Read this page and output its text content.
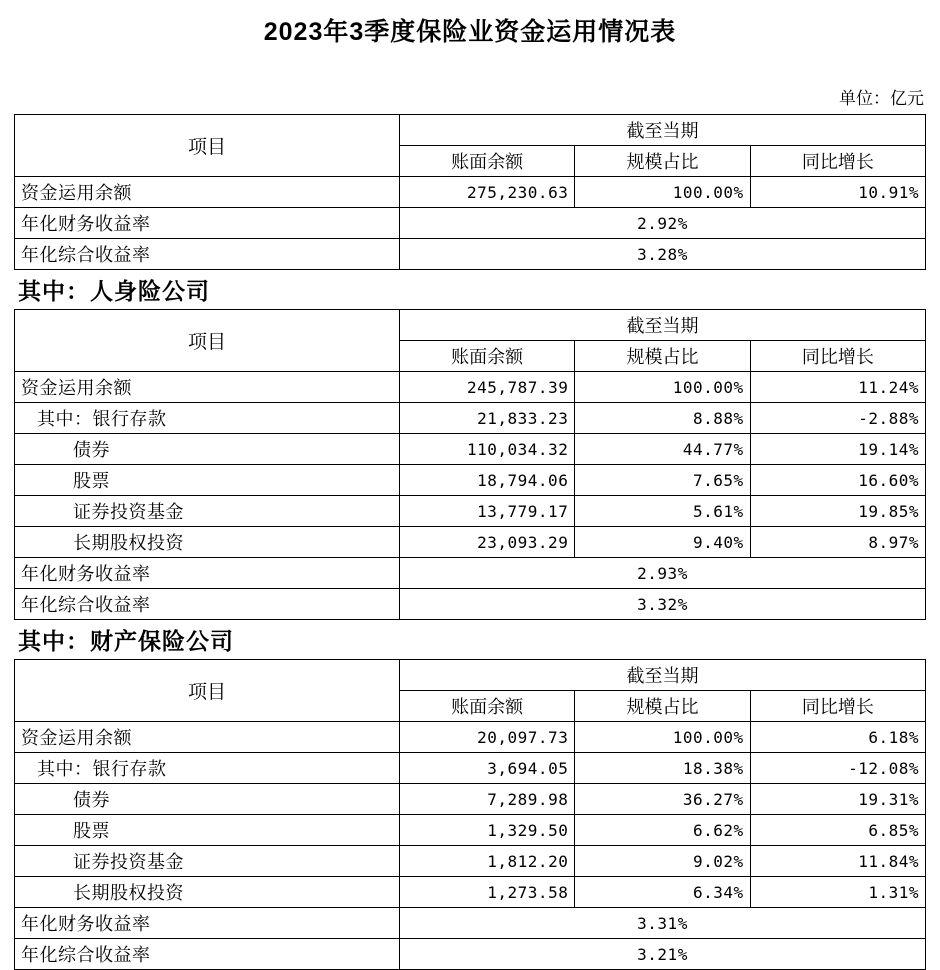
2023年3季度保险业资金运用情况表
单位：亿元
项目	截至当期		
	账面余额	规模占比	同比增长
资金运用余额	275,230.63	100.00%	10.91%
年化财务收益率	2.92%		
年化综合收益率	3.28%		
其中：人身险公司
项目	截至当期		
	账面余额	规模占比	同比增长
资金运用余额	245,787.39	100.00%	11.24%
其中：银行存款	21,833.23	8.88%	-2.88%
债券	110,034.32	44.77%	19.14%
股票	18,794.06	7.65%	16.60%
证券投资基金	13,779.17	5.61%	19.85%
长期股权投资	23,093.29	9.40%	8.97%
年化财务收益率	2.93%		
年化综合收益率	3.32%		
其中：财产保险公司
项目	截至当期		
	账面余额	规模占比	同比增长
资金运用余额	20,097.73	100.00%	6.18%
其中：银行存款	3,694.05	18.38%	-12.08%
债券	7,289.98	36.27%	19.31%
股票	1,329.50	6.62%	6.85%
证券投资基金	1,812.20	9.02%	11.84%
长期股权投资	1,273.58	6.34%	1.31%
年化财务收益率	3.31%		
年化综合收益率	3.21%		
